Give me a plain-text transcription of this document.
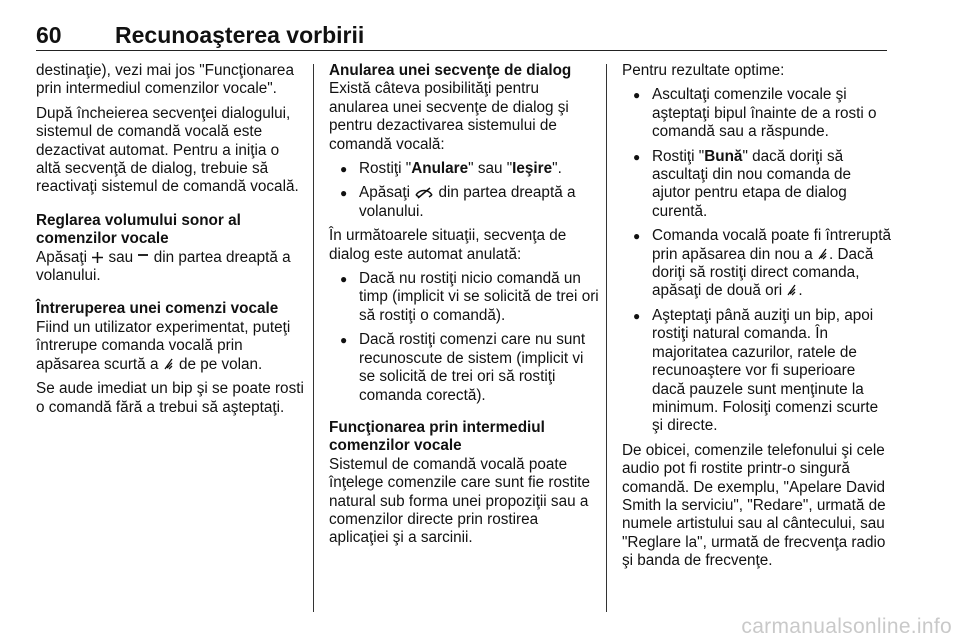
60 Recunoaşterea vorbirii

destinaţie), vezi mai jos "Funcţionarea prin intermediul comenzilor vocale".

După încheierea secvenţei dialogului, sistemul de comandă vocală este dezactivat automat. Pentru a iniţia o altă secvenţă de dialog, trebuie să reactivaţi sistemul de comandă vocală.

Reglarea volumului sonor al comenzilor vocale

Apăsaţi sau din partea dreaptă a volanului.

Întreruperea unei comenzi vocale

Fiind un utilizator experimentat, puteţi întrerupe comanda vocală prin apăsarea scurtă a de pe volan.

Se aude imediat un bip şi se poate rosti o comandă fără a trebui să aşteptaţi.

Anularea unei secvenţe de dialog

Există câteva posibilităţi pentru anularea unei secvenţe de dialog şi pentru dezactivarea sistemului de comandă vocală:

● Rostiţi "Anulare" sau "Ieşire".
● Apăsaţi din partea dreaptă a volanului.

În următoarele situaţii, secvenţa de dialog este automat anulată:

● Dacă nu rostiţi nicio comandă un timp (implicit vi se solicită de trei ori să rostiţi o comandă).
● Dacă rostiţi comenzi care nu sunt recunoscute de sistem (implicit vi se solicită de trei ori să rostiţi comanda corectă).
Funcţionarea prin intermediul comenzilor vocale

Sistemul de comandă vocală poate înţelege comenzile care sunt fie rostite natural sub forma unei propoziţii sau a comenzilor directe prin rostirea aplicaţiei şi a sarcinii.

Pentru rezultate optime:

● Ascultaţi comenzile vocale şi aşteptaţi bipul înainte de a rosti o comandă sau a răspunde.
● Rostiţi "Bună" dacă doriţi să ascultaţi din nou comanda de ajutor pentru etapa de dialog curentă.
● Comanda vocală poate fi întreruptă prin apăsarea din nou a . Dacă doriţi să rostiţi direct comanda, apăsaţi de două ori .
● Aşteptaţi până auziţi un bip, apoi rostiţi natural comanda. În majoritatea cazurilor, ratele de recunoaştere vor fi superioare dacă pauzele sunt menţinute la minimum. Folosiţi comenzi scurte şi directe.

De obicei, comenzile telefonului şi cele audio pot fi rostite printr-o singură comandă. De exemplu, "Apelare David Smith la serviciu", "Redare", urmată de numele artistului sau al cântecului, sau "Reglare la", urmată de frecvenţa radio şi banda de frecvenţe.

carmanualsonline.info
